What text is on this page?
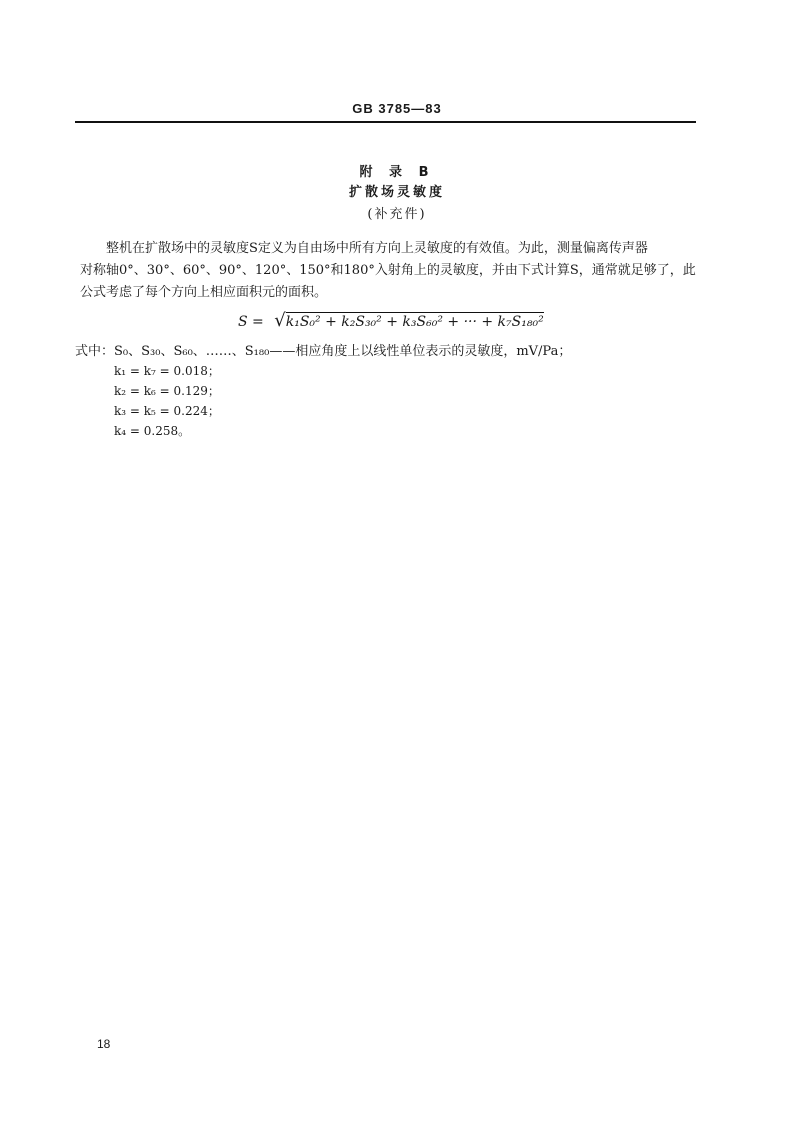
GB 3785—83
附 录 B
扩散场灵敏度
(补充件)
整机在扩散场中的灵敏度S定义为自由场中所有方向上灵敏度的有效值。为此，测量偏离传声器
对称轴0°、30°、60°、90°、120°、150°和180°入射角上的灵敏度，并由下式计算S，通常就足够了，此
公式考虑了每个方向上相应面积元的面积。
S = √k₁S₀² + k₂S₃₀² + k₃S₆₀² + ··· + k₇S₁₈₀²
式中：S₀、S₃₀、S₆₀、……、S₁₈₀——相应角度上以线性单位表示的灵敏度，mV/Pa；
k₁ = k₇ = 0.018；
k₂ = k₆ = 0.129；
k₃ = k₅ = 0.224；
k₄ = 0.258。
18
